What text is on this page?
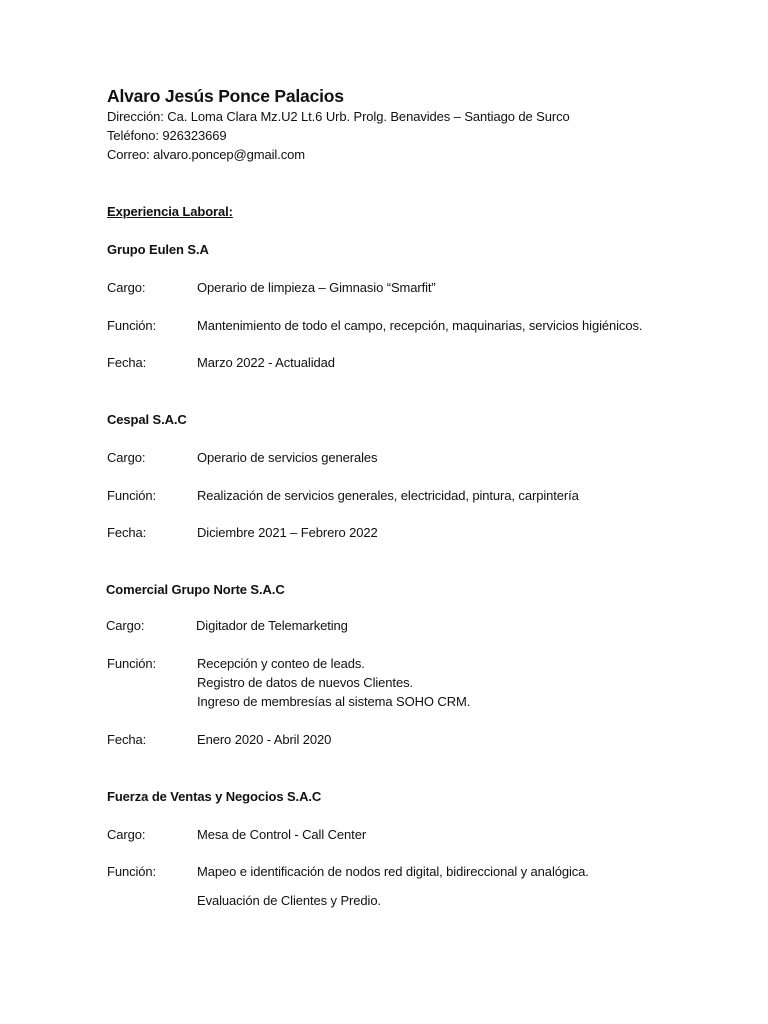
Alvaro Jesús Ponce Palacios
Dirección: Ca. Loma Clara Mz.U2 Lt.6 Urb. Prolg. Benavides – Santiago de Surco
Teléfono: 926323669
Correo: alvaro.poncep@gmail.com
Experiencia Laboral:
Grupo Eulen S.A
Cargo:	Operario de limpieza – Gimnasio “Smarfit”
Función:	Mantenimiento de todo el campo, recepción, maquinarias, servicios higiénicos.
Fecha:	Marzo 2022 - Actualidad
Cespal S.A.C
Cargo:	Operario de servicios generales
Función:	Realización de servicios generales, electricidad, pintura, carpintería
Fecha:	Diciembre 2021 – Febrero 2022
Comercial Grupo Norte S.A.C
Cargo:	Digitador de Telemarketing
Función:	Recepción y conteo de leads.
Registro de datos de nuevos Clientes.
Ingreso de membresías al sistema SOHO CRM.
Fecha:	Enero 2020 - Abril 2020
Fuerza de Ventas y Negocios S.A.C
Cargo:	Mesa de Control - Call Center
Función:	Mapeo e identificación de nodos red digital, bidireccional y analógica.
Evaluación de Clientes y Predio.
